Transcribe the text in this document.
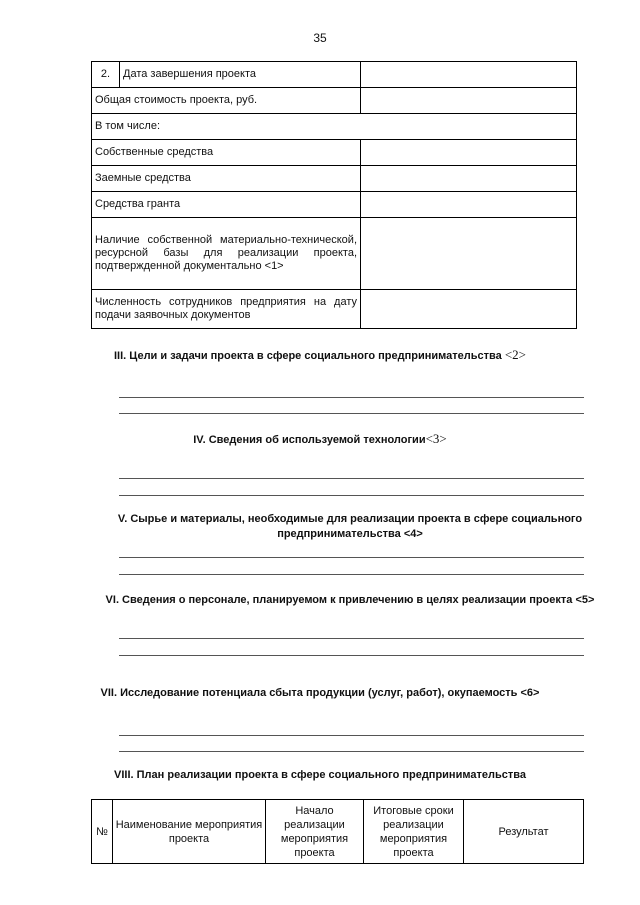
35
2.	Дата завершения проекта	
Общая стоимость проекта, руб.		
В том числе:		
Собственные средства		
Заемные средства		
Средства гранта		
Наличие собственной материально-технической, ресурсной базы для реализации проекта, подтвержденной документально <1>		
Численность сотрудников предприятия на дату подачи заявочных документов		
III. Цели и задачи проекта в сфере социального предпринимательства <2>
IV. Сведения об используемой технологии<3>
V. Сырье и материалы, необходимые для реализации проекта в сфере социального предпринимательства <4>
VI. Сведения о персонале, планируемом к привлечению в целях реализации проекта <5>
VII. Исследование потенциала сбыта продукции (услуг, работ), окупаемость <6>
VIII. План реализации проекта в сфере социального предпринимательства
№	Наименование мероприятия проекта	Начало реализации мероприятия проекта	Итоговые сроки реализации мероприятия проекта	Результат
